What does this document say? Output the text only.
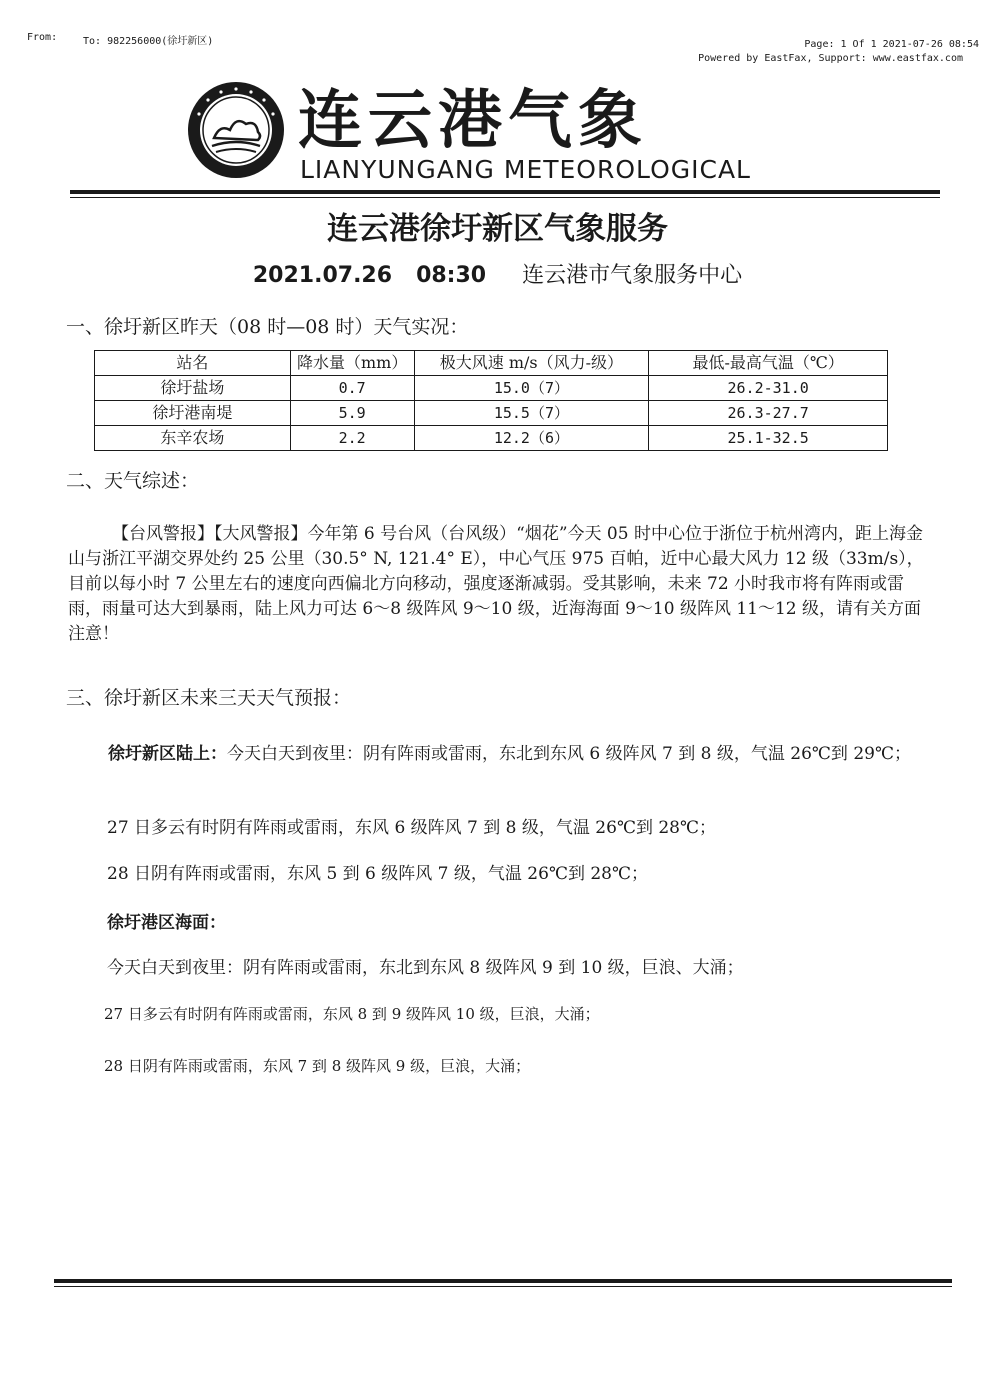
From:	To: 982256000(徐圩新区)	Page: 1 Of 1 2021-07-26 08:54
Powered by EastFax, Support: www.eastfax.com
连云港气象
LIANYUNGANG METEOROLOGICAL
连云港徐圩新区气象服务
2021.07.26 08:30 连云港市气象服务中心
一、徐圩新区昨天（08 时—08 时）天气实况：
站名	降水量（mm）	极大风速 m/s（风力-级）	最低-最高气温（℃）
徐圩盐场	0.7	15.0（7）	26.2-31.0
徐圩港南堤	5.9	15.5（7）	26.3-27.7
东辛农场	2.2	12.2（6）	25.1-32.5
二、天气综述：
【台风警报】【大风警报】今年第 6 号台风（台风级）“烟花”今天 05 时中心位于浙位于杭州湾内，距上海金山与浙江平湖交界处约 25 公里（30.5° N, 121.4° E），中心气压 975 百帕，近中心最大风力 12 级（33m/s），目前以每小时 7 公里左右的速度向西偏北方向移动，强度逐渐减弱。受其影响，未来 72 小时我市将有阵雨或雷雨，雨量可达大到暴雨，陆上风力可达 6～8 级阵风 9～10 级，近海海面 9～10 级阵风 11～12 级，请有关方面注意！
三、徐圩新区未来三天天气预报：
徐圩新区陆上：今天白天到夜里：阴有阵雨或雷雨，东北到东风 6 级阵风 7 到 8 级，气温 26℃到 29℃；
27 日多云有时阴有阵雨或雷雨，东风 6 级阵风 7 到 8 级，气温 26℃到 28℃；
28 日阴有阵雨或雷雨，东风 5 到 6 级阵风 7 级，气温 26℃到 28℃；
徐圩港区海面：
今天白天到夜里：阴有阵雨或雷雨，东北到东风 8 级阵风 9 到 10 级，巨浪、大涌；
27 日多云有时阴有阵雨或雷雨，东风 8 到 9 级阵风 10 级，巨浪，大涌；
28 日阴有阵雨或雷雨，东风 7 到 8 级阵风 9 级，巨浪，大涌；
